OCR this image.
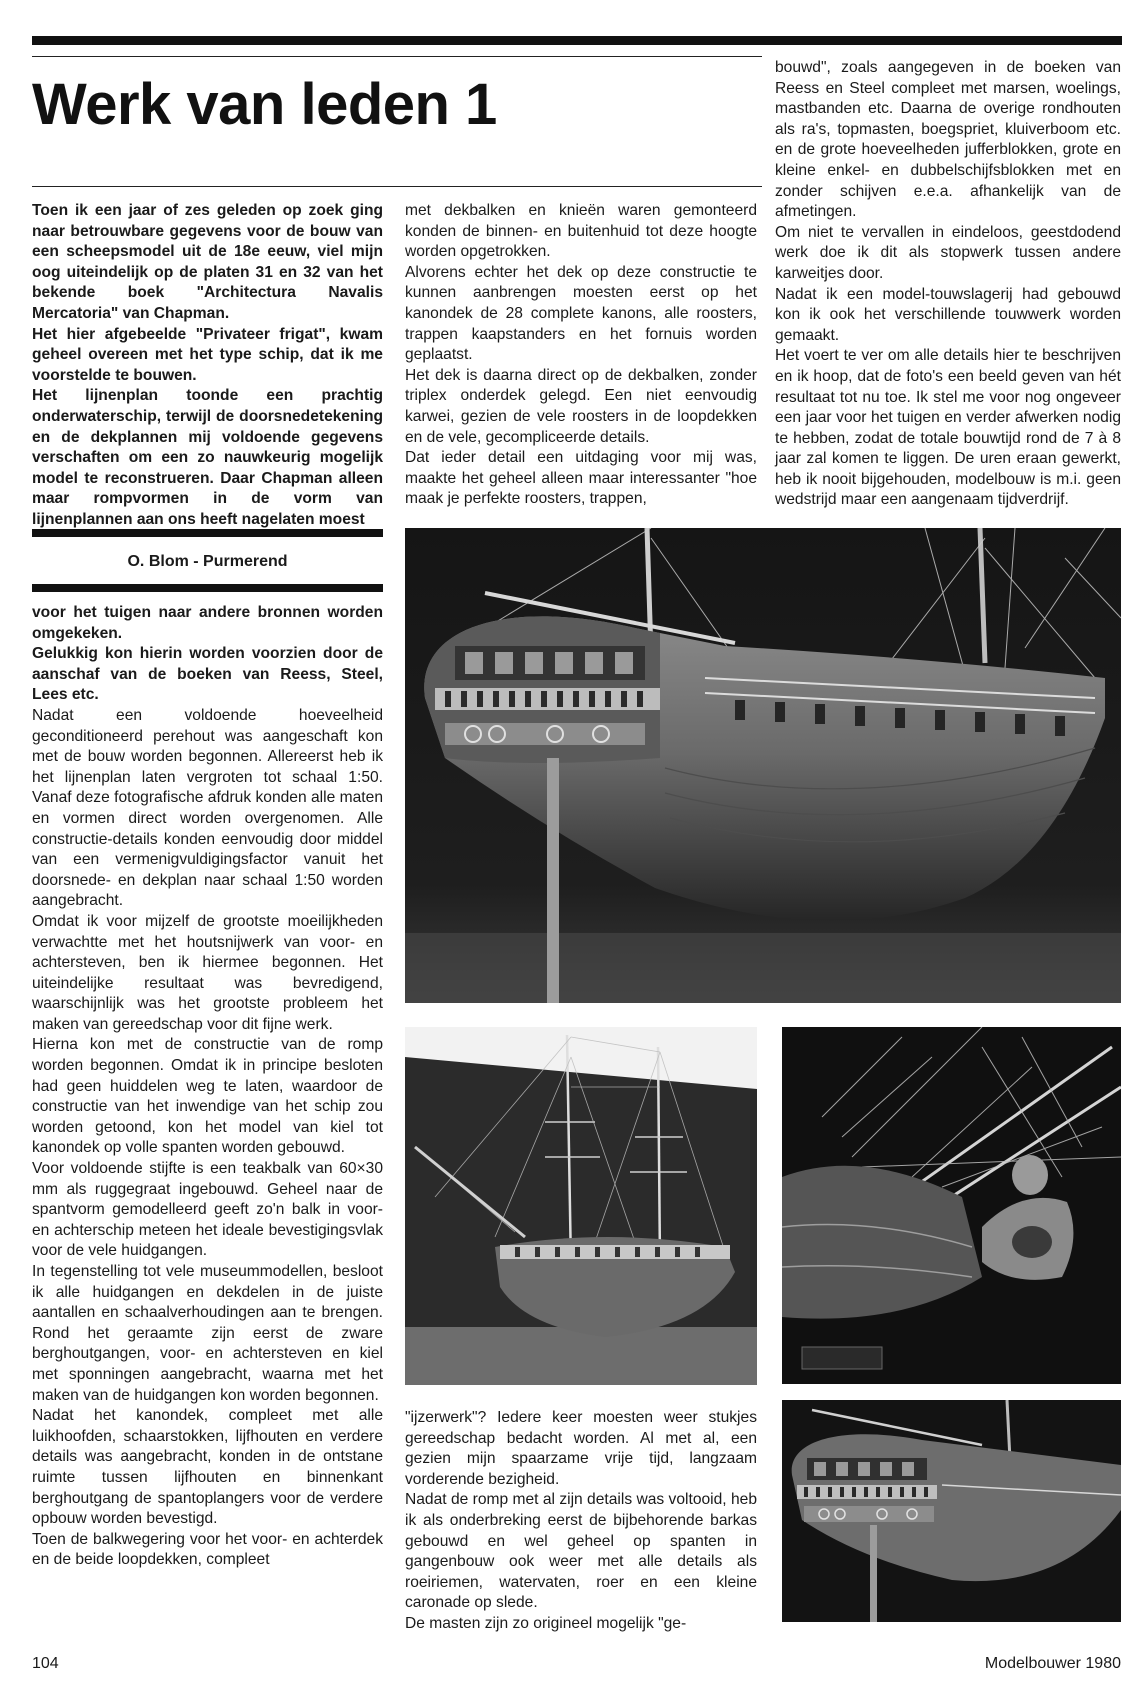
Werk van leden 1

Toen ik een jaar of zes geleden op zoek ging naar betrouwbare gegevens voor de bouw van een scheepsmodel uit de 18e eeuw, viel mijn oog uiteindelijk op de platen 31 en 32 van het bekende boek "Architectura Navalis Mercatoria" van Chapman.

Het hier afgebeelde "Privateer frigat", kwam geheel overeen met het type schip, dat ik me voorstelde te bouwen.

Het lijnenplan toonde een prachtig onderwaterschip, terwijl de doorsnedetekening en de dekplannen mij voldoende gegevens verschaften om een zo nauwkeurig mogelijk model te reconstrueren. Daar Chapman alleen maar rompvormen in de vorm van lijnenplannen aan ons heeft nagelaten moest

O. Blom - Purmerend

voor het tuigen naar andere bronnen worden omgekeken.

Gelukkig kon hierin worden voorzien door de aanschaf van de boeken van Reess, Steel, Lees etc.

Nadat een voldoende hoeveelheid geconditioneerd perehout was aangeschaft kon met de bouw worden begonnen. Allereerst heb ik het lijnenplan laten vergroten tot schaal 1:50. Vanaf deze fotografische afdruk konden alle maten en vormen direct worden overgenomen. Alle constructie-details konden eenvoudig door middel van een vermenigvuldigingsfactor vanuit het doorsnede- en dekplan naar schaal 1:50 worden aangebracht.

Omdat ik voor mijzelf de grootste moeilijkheden verwachtte met het houtsnijwerk van voor- en achtersteven, ben ik hiermee begonnen. Het uiteindelijke resultaat was bevredigend, waarschijnlijk was het grootste probleem het maken van gereedschap voor dit fijne werk.

Hierna kon met de constructie van de romp worden begonnen. Omdat ik in principe besloten had geen huiddelen weg te laten, waardoor de constructie van het inwendige van het schip zou worden getoond, kon het model van kiel tot kanondek op volle spanten worden gebouwd.

Voor voldoende stijfte is een teakbalk van 60×30 mm als ruggegraat ingebouwd. Geheel naar de spantvorm gemodelleerd geeft zo'n balk in voor- en achterschip meteen het ideale bevestigingsvlak voor de vele huidgangen.

In tegenstelling tot vele museummodellen, besloot ik alle huidgangen en dekdelen in de juiste aantallen en schaalverhoudingen aan te brengen. Rond het geraamte zijn eerst de zware berghoutgangen, voor- en achtersteven en kiel met sponningen aangebracht, waarna met het maken van de huidgangen kon worden begonnen.

Nadat het kanondek, compleet met alle luikhoofden, schaarstokken, lijfhouten en verdere details was aangebracht, konden in de ontstane ruimte tussen lijfhouten en binnenkant berghoutgang de spantoplangers voor de verdere opbouw worden bevestigd.

Toen de balkwegering voor het voor- en achterdek en de beide loopdekken, compleet

met dekbalken en knieën waren gemonteerd konden de binnen- en buitenhuid tot deze hoogte worden opgetrokken.

Alvorens echter het dek op deze constructie te kunnen aanbrengen moesten eerst op het kanondek de 28 complete kanons, alle roosters, trappen kaapstanders en het fornuis worden geplaatst.

Het dek is daarna direct op de dekbalken, zonder triplex onderdek gelegd. Een niet eenvoudig karwei, gezien de vele roosters in de loopdekken en de vele, gecompliceerde details.

Dat ieder detail een uitdaging voor mij was, maakte het geheel alleen maar interessanter "hoe maak je perfekte roosters, trappen,

bouwd", zoals aangegeven in de boeken van Reess en Steel compleet met marsen, woelings, mastbanden etc. Daarna de overige rondhouten als ra's, topmasten, boegspriet, kluiverboom etc. en de grote hoeveelheden jufferblokken, grote en kleine enkel- en dubbelschijfsblokken met en zonder schijven e.e.a. afhankelijk van de afmetingen.

Om niet te vervallen in eindeloos, geestdodend werk doe ik dit als stopwerk tussen andere karweitjes door.

Nadat ik een model-touwslagerij had gebouwd kon ik ook het verschillende touwwerk worden gemaakt.

Het voert te ver om alle details hier te beschrijven en ik hoop, dat de foto's een beeld geven van hét resultaat tot nu toe. Ik stel me voor nog ongeveer een jaar voor het tuigen en verder afwerken nodig te hebben, zodat de totale bouwtijd rond de 7 à 8 jaar zal komen te liggen. De uren eraan gewerkt, heb ik nooit bijgehouden, modelbouw is m.i. geen wedstrijd maar een aangenaam tijdverdrijf.

"ijzerwerk"? Iedere keer moesten weer stukjes gereedschap bedacht worden. Al met al, een gezien mijn spaarzame vrije tijd, langzaam vorderende bezigheid.

Nadat de romp met al zijn details was voltooid, heb ik als onderbreking eerst de bijbehorende barkas gebouwd en wel geheel op spanten in gangenbouw ook weer met alle details als roeiriemen, watervaten, roer en een kleine caronade op slede.

De masten zijn zo origineel mogelijk "ge-

104	Modelbouwer 1980
